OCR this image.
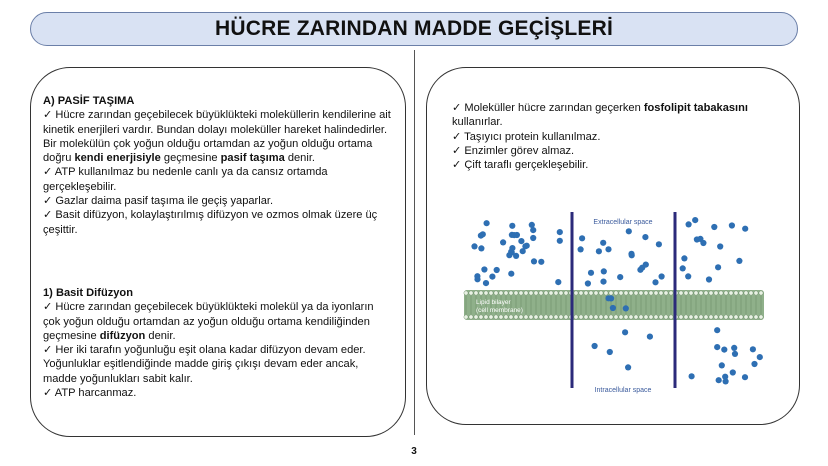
HÜCRE ZARINDAN MADDE GEÇİŞLERİ

A) PASİF TAŞIMA

✓ Hücre zarından geçebilecek büyüklükteki moleküllerin kendilerine ait kinetik enerjileri vardır. Bundan dolayı moleküller hareket halindedirler. Bir molekülün çok yoğun olduğu ortamdan az yoğun olduğu ortama doğru kendi enerjisiyle geçmesine pasif taşıma denir.

✓ ATP kullanılmaz bu nedenle canlı ya da cansız ortamda gerçekleşebilir.

✓ Gazlar daima pasif taşıma ile geçiş yaparlar.

✓ Basit difüzyon, kolaylaştırılmış difüzyon ve ozmos olmak üzere üç çeşittir.

1) Basit Difüzyon

✓ Hücre zarından geçebilecek büyüklükteki molekül ya da iyonların çok yoğun olduğu ortamdan az yoğun olduğu ortama kendiliğinden geçmesine difüzyon denir.

✓ Her iki tarafın yoğunluğu eşit olana kadar difüzyon devam eder. Yoğunluklar eşitlendiğinde madde giriş çıkışı devam eder ancak, madde yoğunlukları sabit kalır.

✓ ATP harcanmaz.

✓ Moleküller hücre zarından geçerken fosfolipit tabakasını kullanırlar.

✓ Taşıyıcı protein kullanılmaz.

✓ Enzimler görev almaz.

✓ Çift taraflı gerçekleşebilir.

Extracellular space
Intracellular space
Lipid bilayer
(cell membrane)
3
